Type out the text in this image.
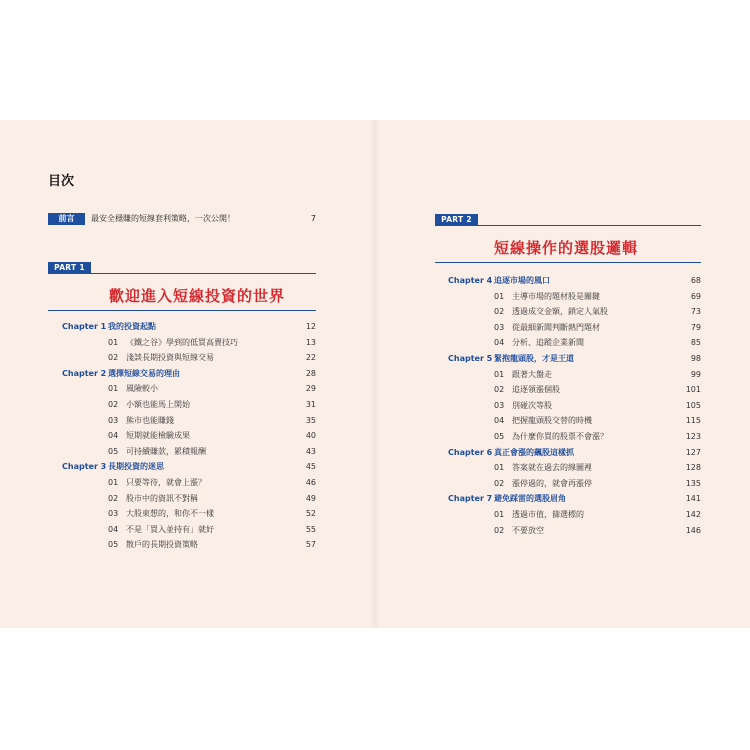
目次
前言	最安全穩賺的短線套利策略，一次公開！	7
PART 1
歡迎進入短線投資的世界
Chapter 1 我的投資起點	12
01 《鐵之谷》學到的低買高賣技巧	13
02 淺談長期投資與短線交易	22
Chapter 2 選擇短線交易的理由	28
01 風險較小	29
02 小額也能馬上開始	31
03 熊市也能賺錢	35
04 短期就能檢驗成果	40
05 可持續賺款，累積報酬	43
Chapter 3 長期投資的迷思	45
01 只要等待，就會上漲？	46
02 股市中的資訊不對稱	49
03 大股東想的，和你不一樣	52
04 不是「買入並持有」就好	55
05 散戶的長期投資策略	57
PART 2
短線操作的選股邏輯
Chapter 4 追逐市場的風口	68
01 主導市場的題材股是關鍵	69
02 透過成交金額，鎖定人氣股	73
03 從最細新聞判斷熱門題材	79
04 分析、追蹤企業新聞	85
Chapter 5 緊抱龍頭股，才是王道	98
01 跟著大盤走	99
02 追逐領漲個股	101
03 別碰次等股	105
04 把握龍頭股交替的時機	115
05 為什麼你買的股票不會漲？	123
Chapter 6 真正會漲的飆股這樣抓	127
01 答案就在過去的線圖裡	128
02 漲停過的，就會再漲停	135
Chapter 7 避免踩雷的選股眉角	141
01 透過市值，篩選標的	142
02 不要放空	146
